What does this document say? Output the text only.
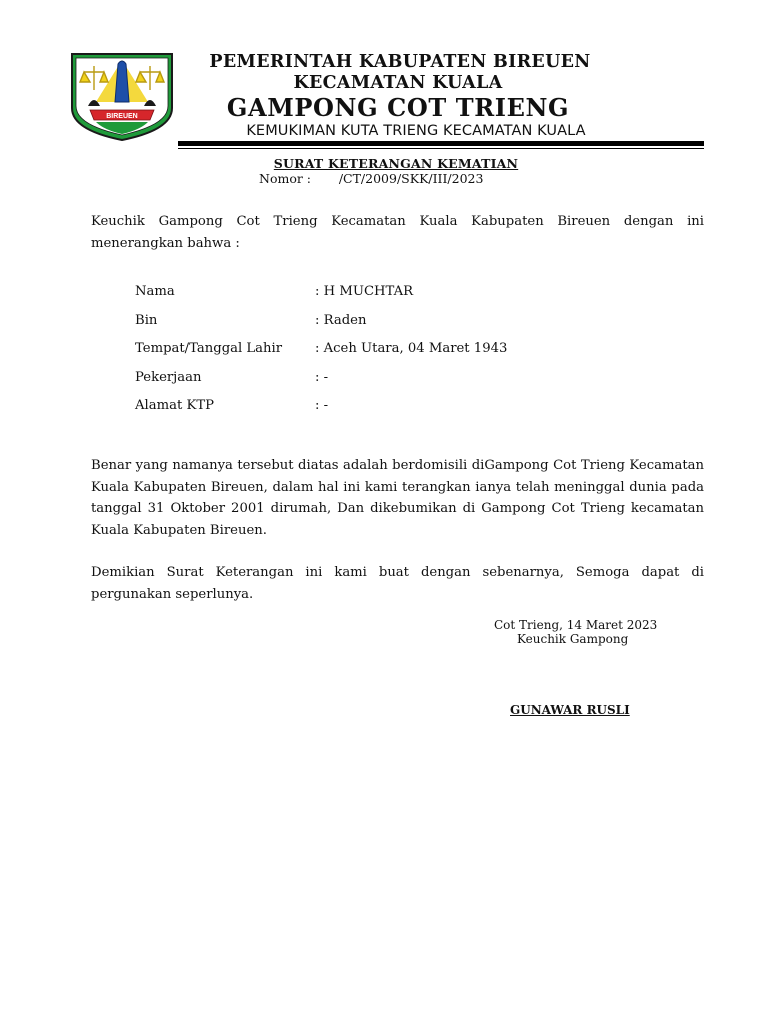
BIREUEN
PEMERINTAH KABUPATEN BIREUEN
KECAMATAN KUALA
GAMPONG COT TRIENG
KEMUKIMAN KUTA TRIENG KECAMATAN KUALA
SURAT KETERANGAN KEMATIAN
Nomor :       /CT/2009/SKK/III/2023

Keuchik Gampong Cot Trieng Kecamatan Kuala Kabupaten Bireuen dengan ini menerangkan bahwa :

Nama	: H MUCHTAR
Bin	: Raden
Tempat/Tanggal Lahir : Aceh Utara, 04 Maret 1943
Pekerjaan	: -
Alamat KTP	: -

Benar yang namanya tersebut diatas adalah berdomisili diGampong Cot Trieng Kecamatan Kuala Kabupaten Bireuen, dalam hal ini kami terangkan ianya telah meninggal dunia pada tanggal 31 Oktober 2001 dirumah, Dan dikebumikan di Gampong Cot Trieng kecamatan Kuala Kabupaten Bireuen.

Demikian Surat Keterangan ini kami buat dengan sebenarnya, Semoga dapat di pergunakan seperlunya.

Cot Trieng, 14 Maret 2023
Keuchik Gampong
GUNAWAR RUSLI
